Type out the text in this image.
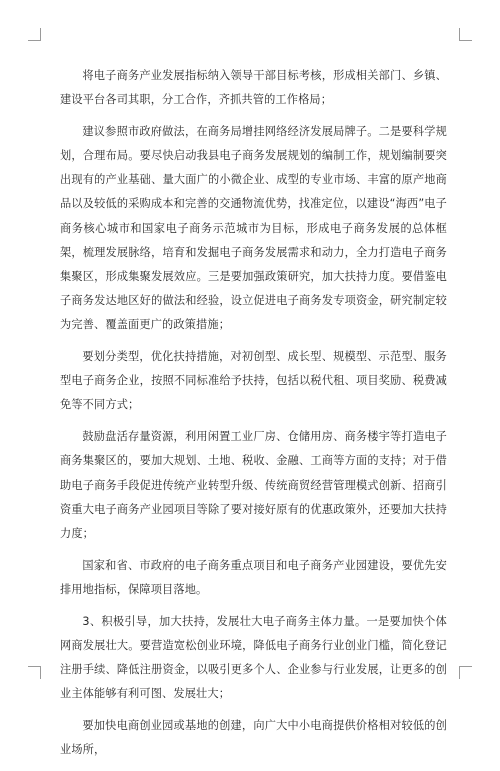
将电子商务产业发展指标纳入领导干部目标考核，形成相关部门、乡镇、建设平台各司其职，分工合作，齐抓共管的工作格局；

建议参照市政府做法，在商务局增挂网络经济发展局牌子。二是要科学规划，合理布局。要尽快启动我县电子商务发展规划的编制工作，规划编制要突出现有的产业基础、量大面广的小微企业、成型的专业市场、丰富的原产地商品以及较低的采购成本和完善的交通物流优势，找准定位，以建设“海西”电子商务核心城市和国家电子商务示范城市为目标，形成电子商务发展的总体框架，梳理发展脉络，培育和发掘电子商务发展需求和动力，全力打造电子商务集聚区，形成集聚发展效应。三是要加强政策研究，加大扶持力度。要借鉴电子商务发达地区好的做法和经验，设立促进电子商务发专项资金，研究制定较为完善、覆盖面更广的政策措施；

要划分类型，优化扶持措施，对初创型、成长型、规模型、示范型、服务型电子商务企业，按照不同标准给予扶持，包括以税代租、项目奖励、税费减免等不同方式；

鼓励盘活存量资源，利用闲置工业厂房、仓储用房、商务楼宇等打造电子商务集聚区的，要加大规划、土地、税收、金融、工商等方面的支持；对于借助电子商务手段促进传统产业转型升级、传统商贸经营管理模式创新、招商引资重大电子商务产业园项目等除了要对接好原有的优惠政策外，还要加大扶持力度；

国家和省、市政府的电子商务重点项目和电子商务产业园建设，要优先安排用地指标，保障项目落地。

3、积极引导，加大扶持，发展壮大电子商务主体力量。一是要加快个体网商发展壮大。要营造宽松创业环境，降低电子商务行业创业门槛，简化登记注册手续、降低注册资金，以吸引更多个人、企业参与行业发展，让更多的创业主体能够有利可图、发展壮大；

要加快电商创业园或基地的创建，向广大中小电商提供价格相对较低的创业场所，
